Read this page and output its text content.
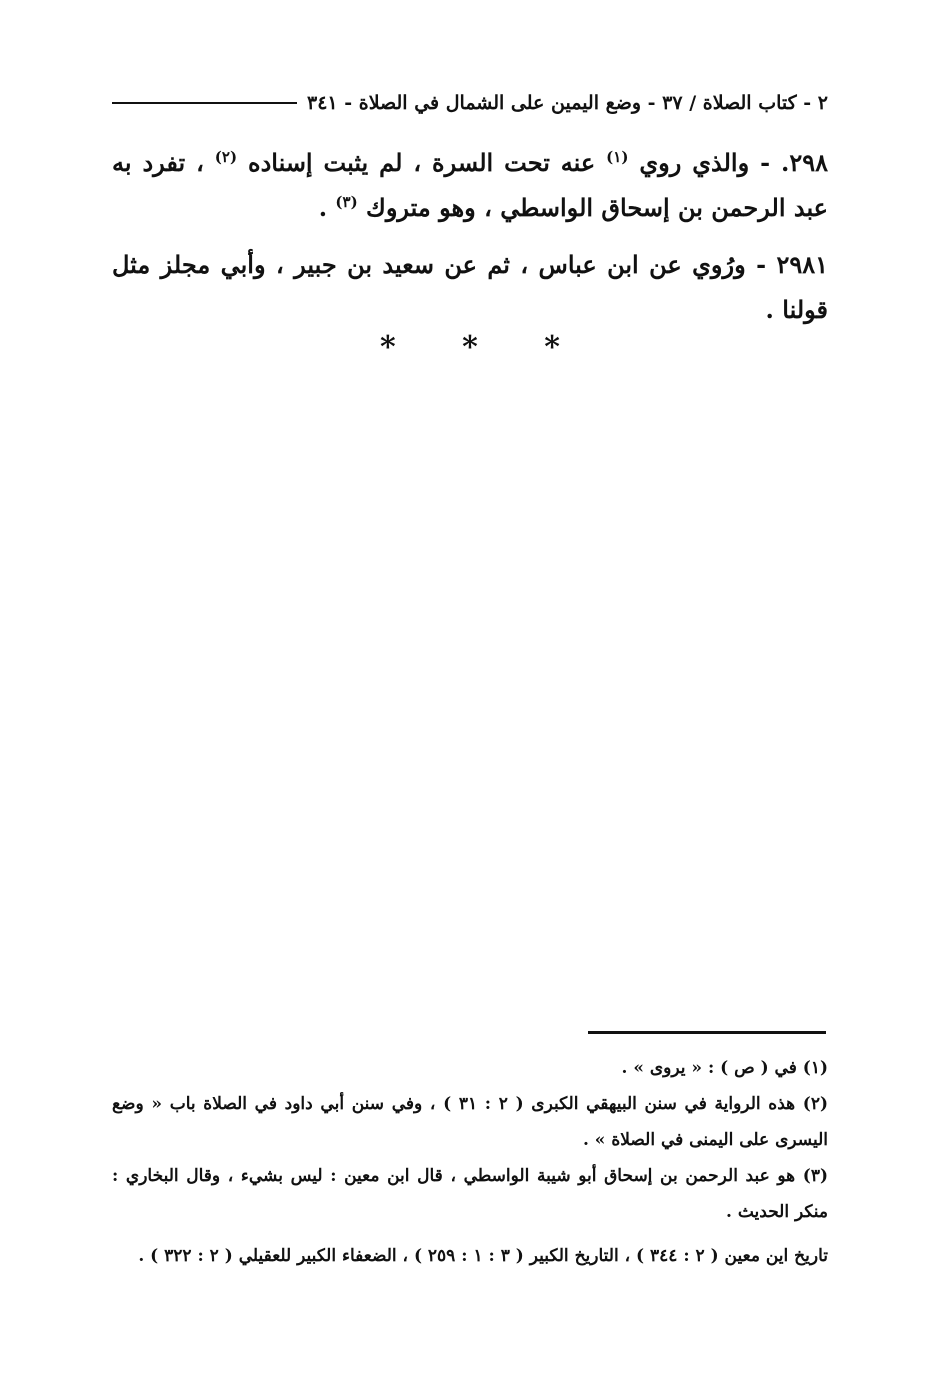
٢ - كتاب الصلاة / ٣٧ - وضع اليمين على الشمال في الصلاة - ٣٤١

٢٩٨. - والذي روي $^{(١)}$ عنه تحت السرة ، لم يثبت إسناده $^{(٢)}$ ، تفرد به عبد الرحمن بن إسحاق الواسطي ، وهو متروك $^{(٣)}$ .

٢٩٨١ - ورُوي عن ابن عباس ، ثم عن سعيد بن جبير ، وأبي مجلز مثل قولنا .

* * *

(١) في ( ص ) : « يروى » .

(٢) هذه الرواية في سنن البيهقي الكبرى ( ٢ : ٣١ ) ، وفي سنن أبي داود في الصلاة باب « وضع اليسرى على اليمنى في الصلاة » .

(٣) هو عبد الرحمن بن إسحاق أبو شيبة الواسطي ، قال ابن معين : ليس بشيء ، وقال البخاري : منكر الحديث .

تاريخ اين معين ( ٢ : ٣٤٤ ) ، التاريخ الكبير ( ٣ : ١ : ٢٥٩ ) ، الضعفاء الكبير للعقيلي ( ٢ : ٣٢٢ ) .
